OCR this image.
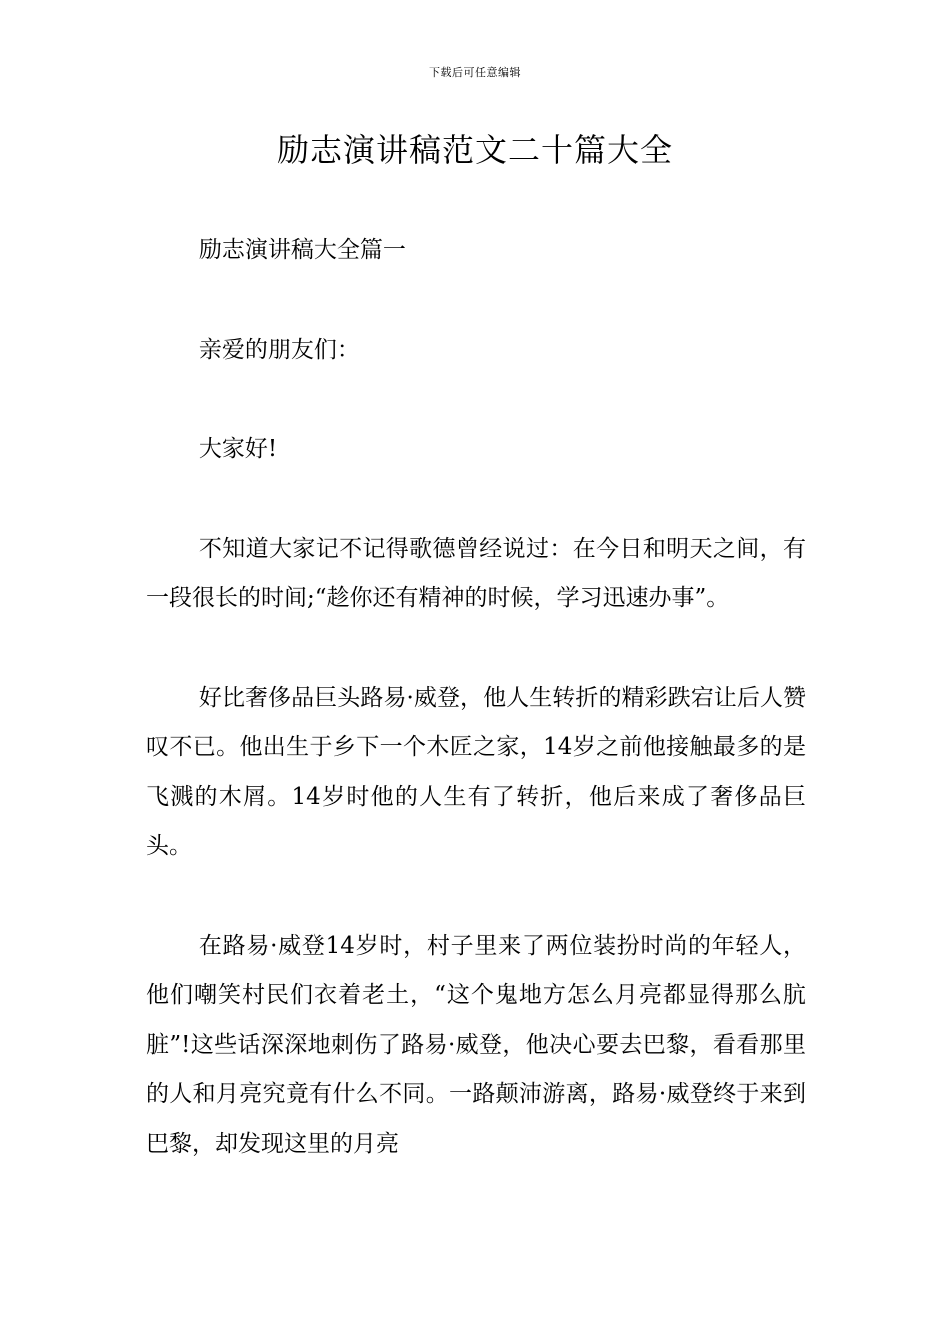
下载后可任意编辑
励志演讲稿范文二十篇大全

励志演讲稿大全篇一

亲爱的朋友们：

大家好!

不知道大家记不记得歌德曾经说过：在今日和明天之间，有一段很长的时间;“趁你还有精神的时候，学习迅速办事”。

好比奢侈品巨头路易·威登，他人生转折的精彩跌宕让后人赞叹不已。他出生于乡下一个木匠之家，14岁之前他接触最多的是飞溅的木屑。14岁时他的人生有了转折，他后来成了奢侈品巨头。

在路易·威登14岁时，村子里来了两位装扮时尚的年轻人，他们嘲笑村民们衣着老土，“这个鬼地方怎么月亮都显得那么肮脏”!这些话深深地刺伤了路易·威登，他决心要去巴黎，看看那里的人和月亮究竟有什么不同。一路颠沛游离，路易·威登终于来到巴黎，却发现这里的月亮
